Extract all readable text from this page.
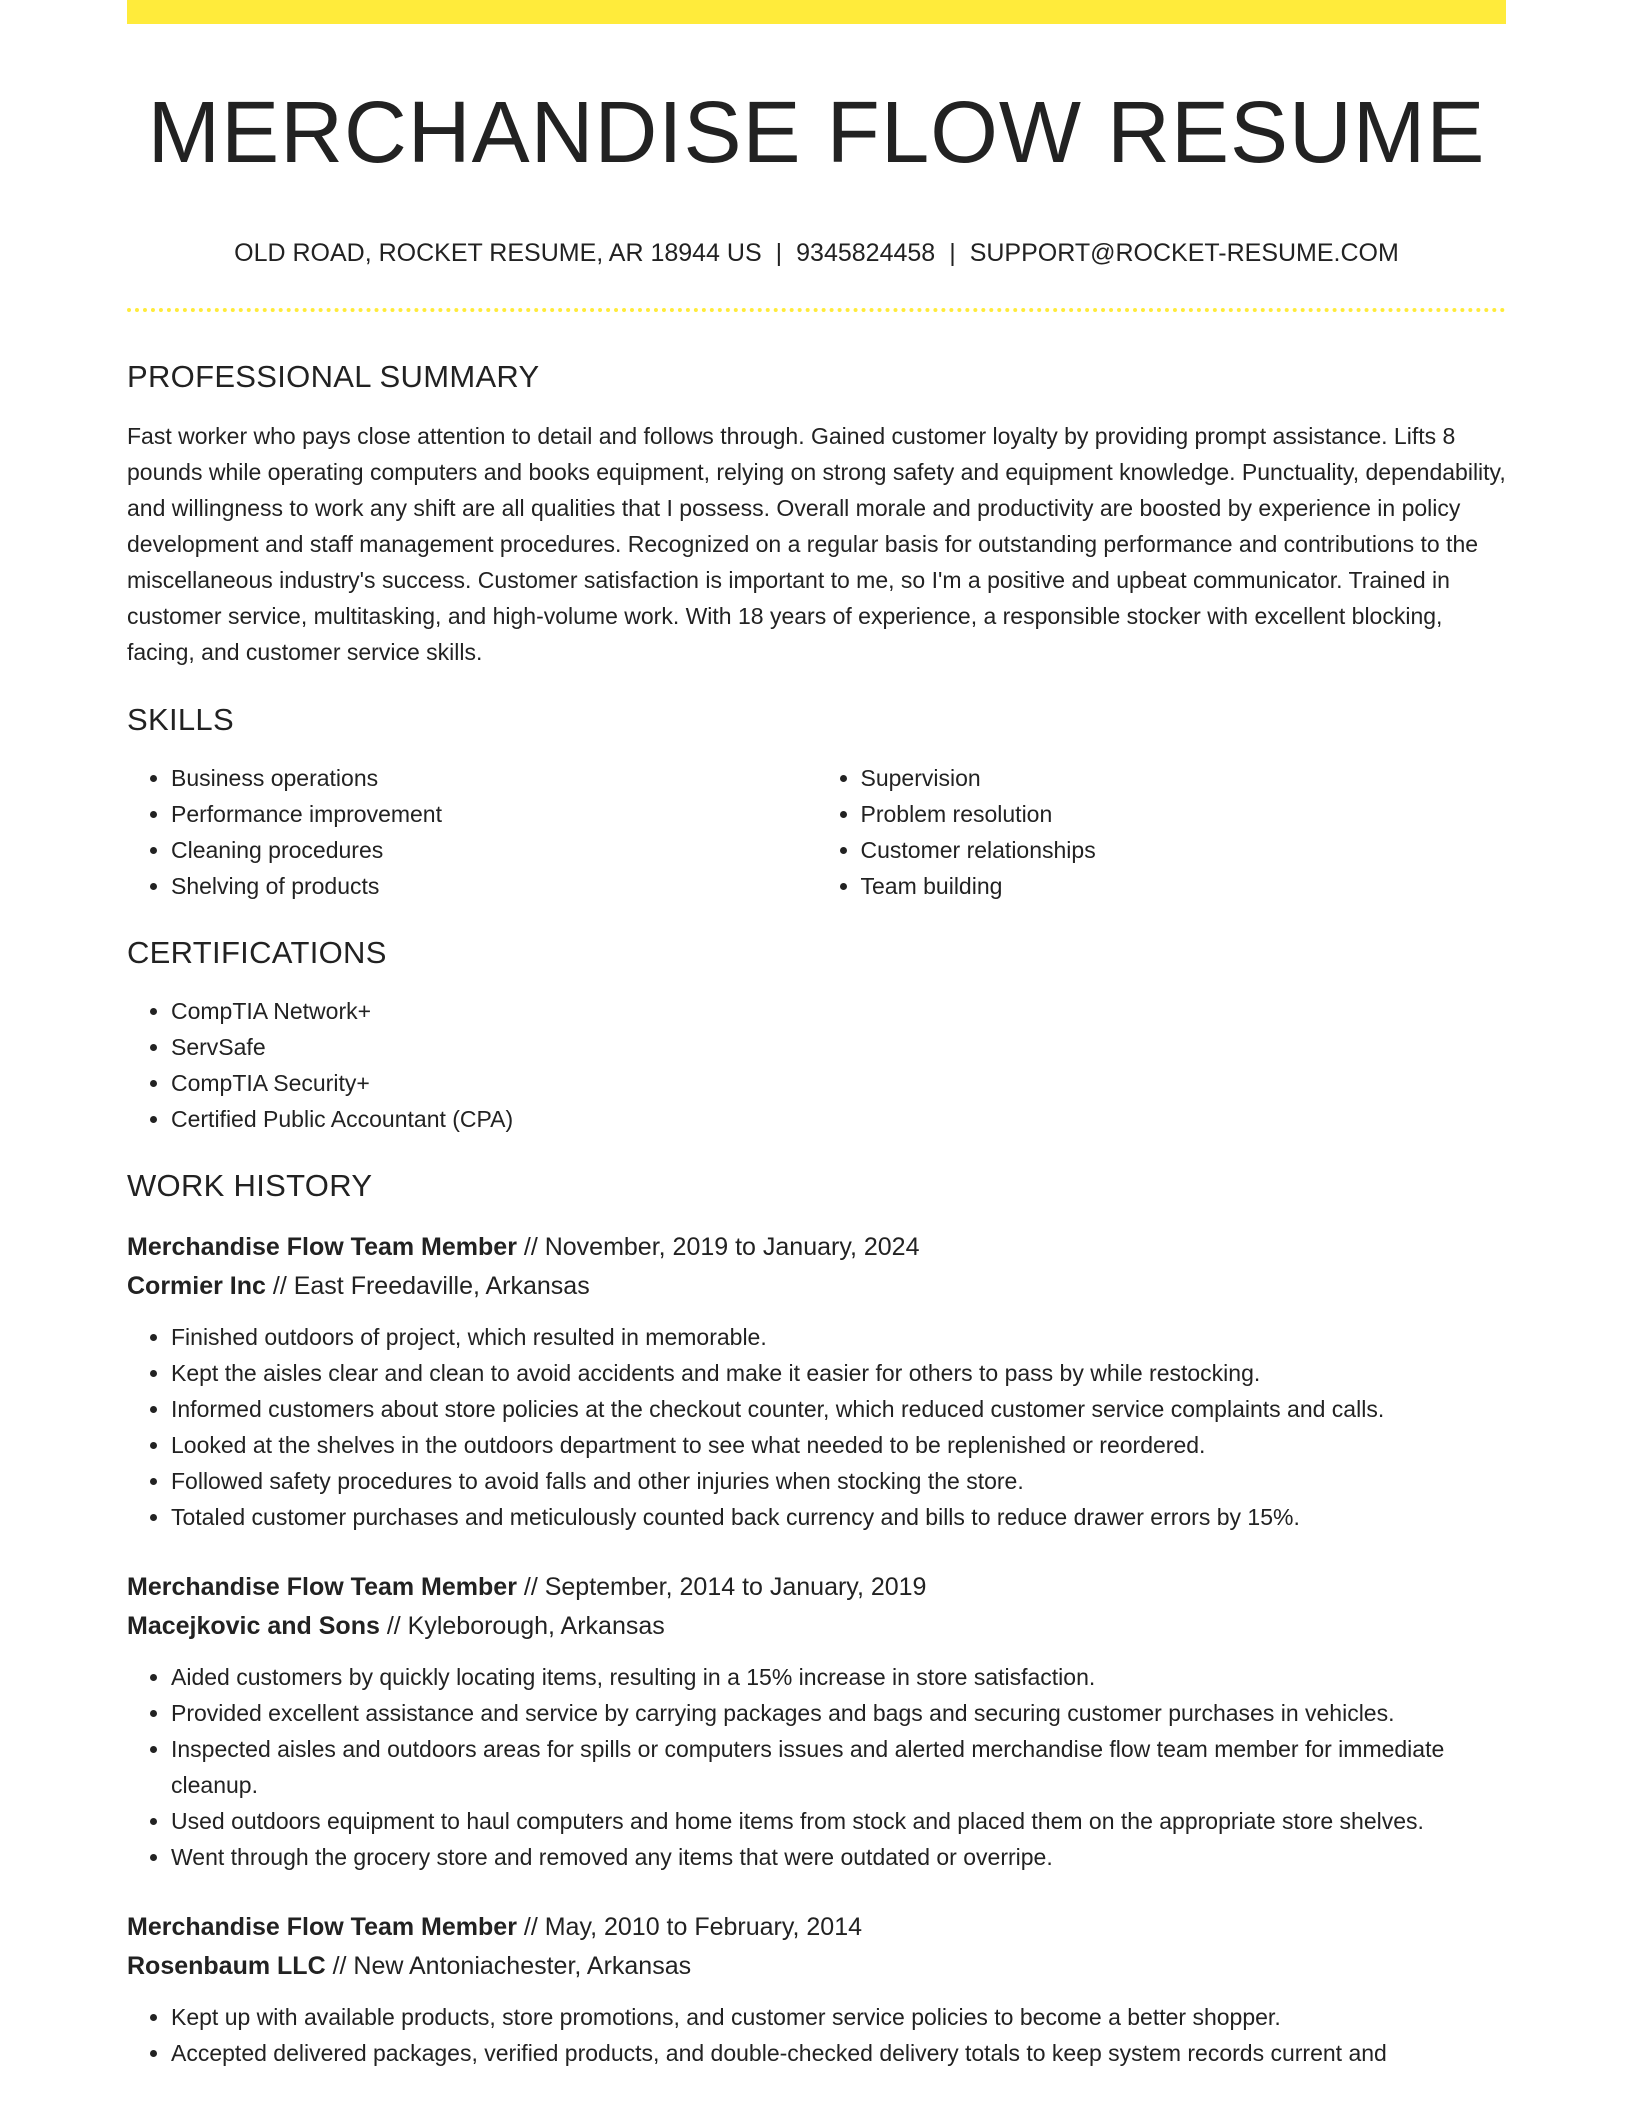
MERCHANDISE FLOW RESUME
OLD ROAD, ROCKET RESUME, AR 18944 US | 9345824458 | SUPPORT@ROCKET-RESUME.COM
PROFESSIONAL SUMMARY

Fast worker who pays close attention to detail and follows through. Gained customer loyalty by providing prompt assistance. Lifts 8 pounds while operating computers and books equipment, relying on strong safety and equipment knowledge. Punctuality, dependability, and willingness to work any shift are all qualities that I possess. Overall morale and productivity are boosted by experience in policy development and staff management procedures. Recognized on a regular basis for outstanding performance and contributions to the miscellaneous industry's success. Customer satisfaction is important to me, so I'm a positive and upbeat communicator. Trained in customer service, multitasking, and high-volume work. With 18 years of experience, a responsible stocker with excellent blocking, facing, and customer service skills.

SKILLS
• Business operations
• Performance improvement
• Cleaning procedures
• Shelving of products
• Supervision
• Problem resolution
• Customer relationships
• Team building
CERTIFICATIONS
• CompTIA Network+
• ServSafe
• CompTIA Security+
• Certified Public Accountant (CPA)
WORK HISTORY
Merchandise Flow Team Member // November, 2019 to January, 2024
Cormier Inc // East Freedaville, Arkansas
• Finished outdoors of project, which resulted in memorable.
• Kept the aisles clear and clean to avoid accidents and make it easier for others to pass by while restocking.
• Informed customers about store policies at the checkout counter, which reduced customer service complaints and calls.
• Looked at the shelves in the outdoors department to see what needed to be replenished or reordered.
• Followed safety procedures to avoid falls and other injuries when stocking the store.
• Totaled customer purchases and meticulously counted back currency and bills to reduce drawer errors by 15%.
Merchandise Flow Team Member // September, 2014 to January, 2019
Macejkovic and Sons // Kyleborough, Arkansas
• Aided customers by quickly locating items, resulting in a 15% increase in store satisfaction.
• Provided excellent assistance and service by carrying packages and bags and securing customer purchases in vehicles.
• Inspected aisles and outdoors areas for spills or computers issues and alerted merchandise flow team member for immediate cleanup.
• Used outdoors equipment to haul computers and home items from stock and placed them on the appropriate store shelves.
• Went through the grocery store and removed any items that were outdated or overripe.
Merchandise Flow Team Member // May, 2010 to February, 2014
Rosenbaum LLC // New Antoniachester, Arkansas
• Kept up with available products, store promotions, and customer service policies to become a better shopper.
• Accepted delivered packages, verified products, and double-checked delivery totals to keep system records current and
